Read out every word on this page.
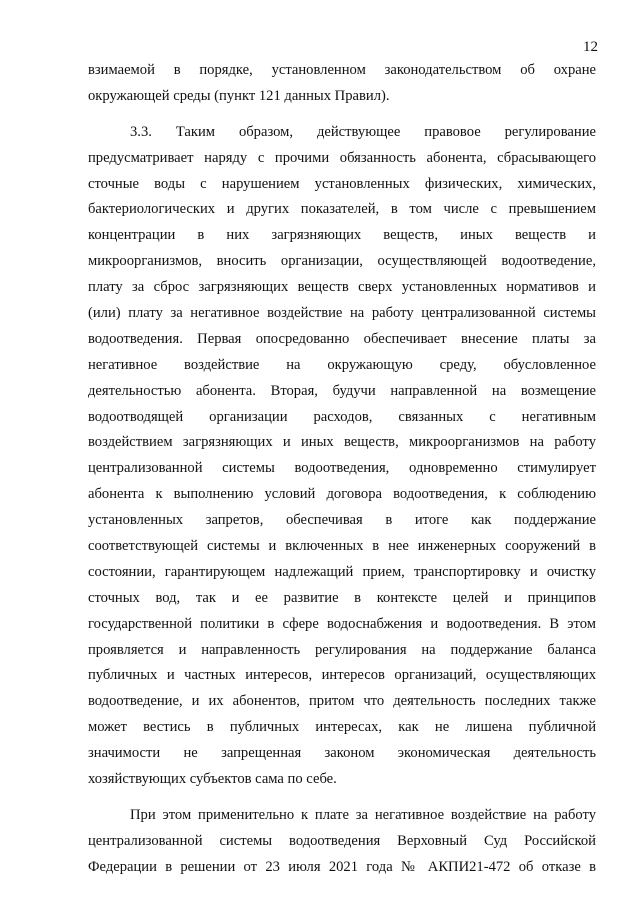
12
взимаемой в порядке, установленном законодательством об охране
окружающей среды (пункт 121 данных Правил).
3.3. Таким образом, действующее правовое регулирование
предусматривает наряду с прочими обязанность абонента, сбрасывающего
сточные воды с нарушением установленных физических, химических,
бактериологических и других показателей, в том числе с превышением
концентрации в них загрязняющих веществ, иных веществ и
микроорганизмов, вносить организации, осуществляющей водоотведение,
плату за сброс загрязняющих веществ сверх установленных нормативов и
(или) плату за негативное воздействие на работу централизованной системы
водоотведения. Первая опосредованно обеспечивает внесение платы за
негативное воздействие на окружающую среду, обусловленное
деятельностью абонента. Вторая, будучи направленной на возмещение
водоотводящей организации расходов, связанных с негативным
воздействием загрязняющих и иных веществ, микроорганизмов на работу
централизованной системы водоотведения, одновременно стимулирует
абонента к выполнению условий договора водоотведения, к соблюдению
установленных запретов, обеспечивая в итоге как поддержание
соответствующей системы и включенных в нее инженерных сооружений в
состоянии, гарантирующем надлежащий прием, транспортировку и очистку
сточных вод, так и ее развитие в контексте целей и принципов
государственной политики в сфере водоснабжения и водоотведения. В этом
проявляется и направленность регулирования на поддержание баланса
публичных и частных интересов, интересов организаций, осуществляющих
водоотведение, и их абонентов, притом что деятельность последних также
может вестись в публичных интересах, как не лишена публичной
значимости не запрещенная законом экономическая деятельность
хозяйствующих субъектов сама по себе.
При этом применительно к плате за негативное воздействие на работу
централизованной системы водоотведения Верховный Суд Российской
Федерации в решении от 23 июля 2021 года № АКПИ21-472 об отказе в
